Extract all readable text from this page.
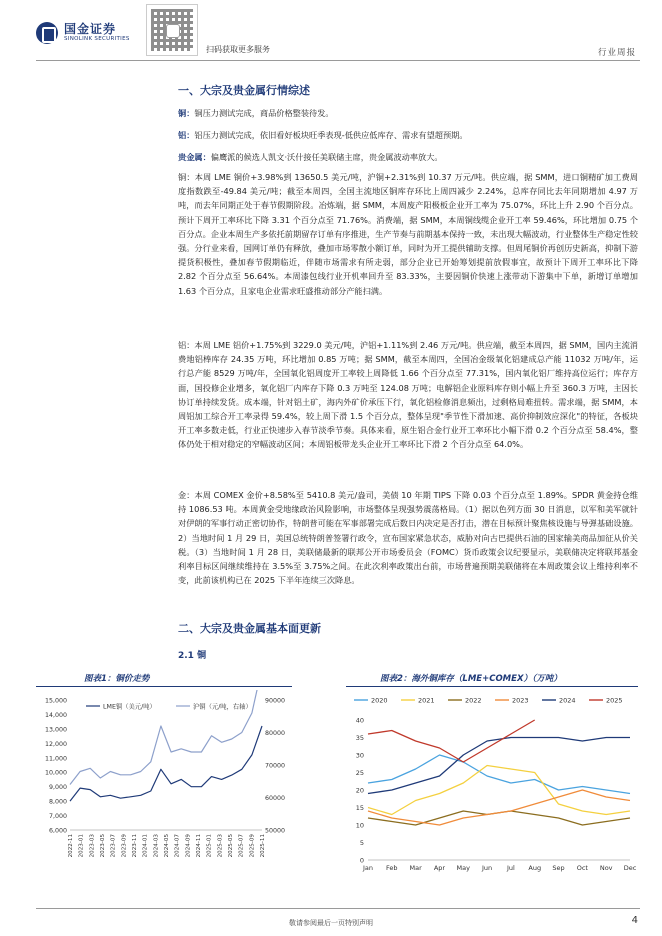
国金证券
SINOLINK SECURITIES
扫码获取更多服务	行业周报
一、大宗及贵金属行情综述
铜：铜压力测试完成，商品价格整装待发。
铝：铝压力测试完成，依旧看好板块旺季表现-低供应低库存、需求有望超预期。
贵金属：偏鹰派的候选人凯文·沃什接任美联储主席，贵金属波动率放大。
铜：本周 LME 铜价+3.98%到 13650.5 美元/吨，沪铜+2.31%到 10.37 万元/吨。供应端，据 SMM，进口铜精矿加工费周度指数跌至-49.84 美元/吨；截至本周四，全国主流地区铜库存环比上周四减少 2.24%，总库存同比去年同期增加 4.97 万吨，而去年同期正处于春节假期阶段。冶炼端，据 SMM，本周废产阳极板企业开工率为 75.07%，环比上升 2.90 个百分点。预计下周开工率环比下降 3.31 个百分点至 71.76%。消费端，据 SMM，本周铜线缆企业开工率 59.46%，环比增加 0.75 个百分点。企业本周生产多依托前期留存订单有序推进，生产节奏与前期基本保持一致，未出现大幅波动，行业整体生产稳定性较强。分行业来看，国网订单仍有释放，叠加市场零散小额订单，同时为开工提供辅助支撑。但周尾铜价再创历史新高，抑制下游提货积极性，叠加春节假期临近，伴随市场需求有所走弱，部分企业已开始筹划提前放假事宜，故预计下周开工率环比下降 2.82 个百分点至 56.64%。本周漆包线行业开机率回升至 83.33%，主要因铜价快速上涨带动下游集中下单，新增订单增加 1.63 个百分点，且家电企业需求旺盛推动部分产能扫满。
铝：本周 LME 铝价+1.75%到 3229.0 美元/吨，沪铝+1.11%到 2.46 万元/吨。供应端，截至本周四，据 SMM，国内主流消费地铝棒库存 24.35 万吨，环比增加 0.85 万吨；据 SMM，截至本周四，全国冶金级氧化铝建成总产能 11032 万吨/年，运行总产能 8529 万吨/年，全国氧化铝周度开工率较上周降低 1.66 个百分点至 77.31%，国内氧化铝厂维持高位运行；库存方面，国投修企业增多，氧化铝厂内库存下降 0.3 万吨至 124.08 万吨；电解铝企业原料库存则小幅上升至 360.3 万吨，主因长协订单持续发货。成本端，针对铝土矿，海内外矿价承压下行，氧化铝检修消息频出，过剩格局难扭转。需求端，据 SMM，本周铝加工综合开工率录得 59.4%，较上周下滑 1.5 个百分点，整体呈现"季节性下滑加速、高价抑制效应深化"的特征，各板块开工率多数走低，行业正快速步入春节淡季节奏。具体来看，原生铝合金行业开工率环比小幅下滑 0.2 个百分点至 58.4%，整体仍处于相对稳定的窄幅波动区间；本周铝板带龙头企业开工率环比下滑 2 个百分点至 64.0%。
金：本周 COMEX 金价+8.58%至 5410.8 美元/盎司，美债 10 年期 TIPS 下降 0.03 个百分点至 1.89%。SPDR 黄金持仓维持 1086.53 吨。本周黄金受地缘政治风险影响，市场整体呈现强势震荡格局。（1）据以色列方面 30 日消息，以军和美军就针对伊朗的军事行动正密切协作，特朗普可能在军事部署完成后数日内决定是否打击，潜在目标预计聚焦核设施与导弹基础设施。2）当地时间 1 月 29 日，美国总统特朗普签署行政令，宣布国家紧急状态，威胁对向古巴提供石油的国家输美商品加征从价关税。（3）当地时间 1 月 28 日，美联储最新的联邦公开市场委员会（FOMC）货币政策会议纪要显示，美联储决定将联邦基金利率目标区间继续维持在 3.5%至 3.75%之间。在此次利率政策出台前，市场普遍预期美联储将在本周政策会议上维持利率不变，此前该机构已在 2025 下半年连续三次降息。
二、大宗及贵金属基本面更新
2.1 铜
图表1：铜价走势
15,000
14,000
13,000
12,000
11,000
10,000
9,000
8,000
7,000
6,000
90000
80000
70000
60000
50000
2022-11 2023-01 2023-03 2023-05 2023-07 2023-09 2023-11 2024-01 2024-03 2024-05 2024-07 2024-09 2024-11 2025-01 2025-03 2025-05 2025-07 2025-09 2025-11
LME铜（美元/吨）	沪铜（元/吨，右轴）
图表2：海外铜库存（LME+COMEX）（万吨）
40
35
30
25
20
15
10
5
0
Jan Feb Mar Apr May Jun Jul Aug Sep Oct Nov Dec
2020	2021	2022	2023	2024	2025
敬请参阅最后一页特别声明	4
